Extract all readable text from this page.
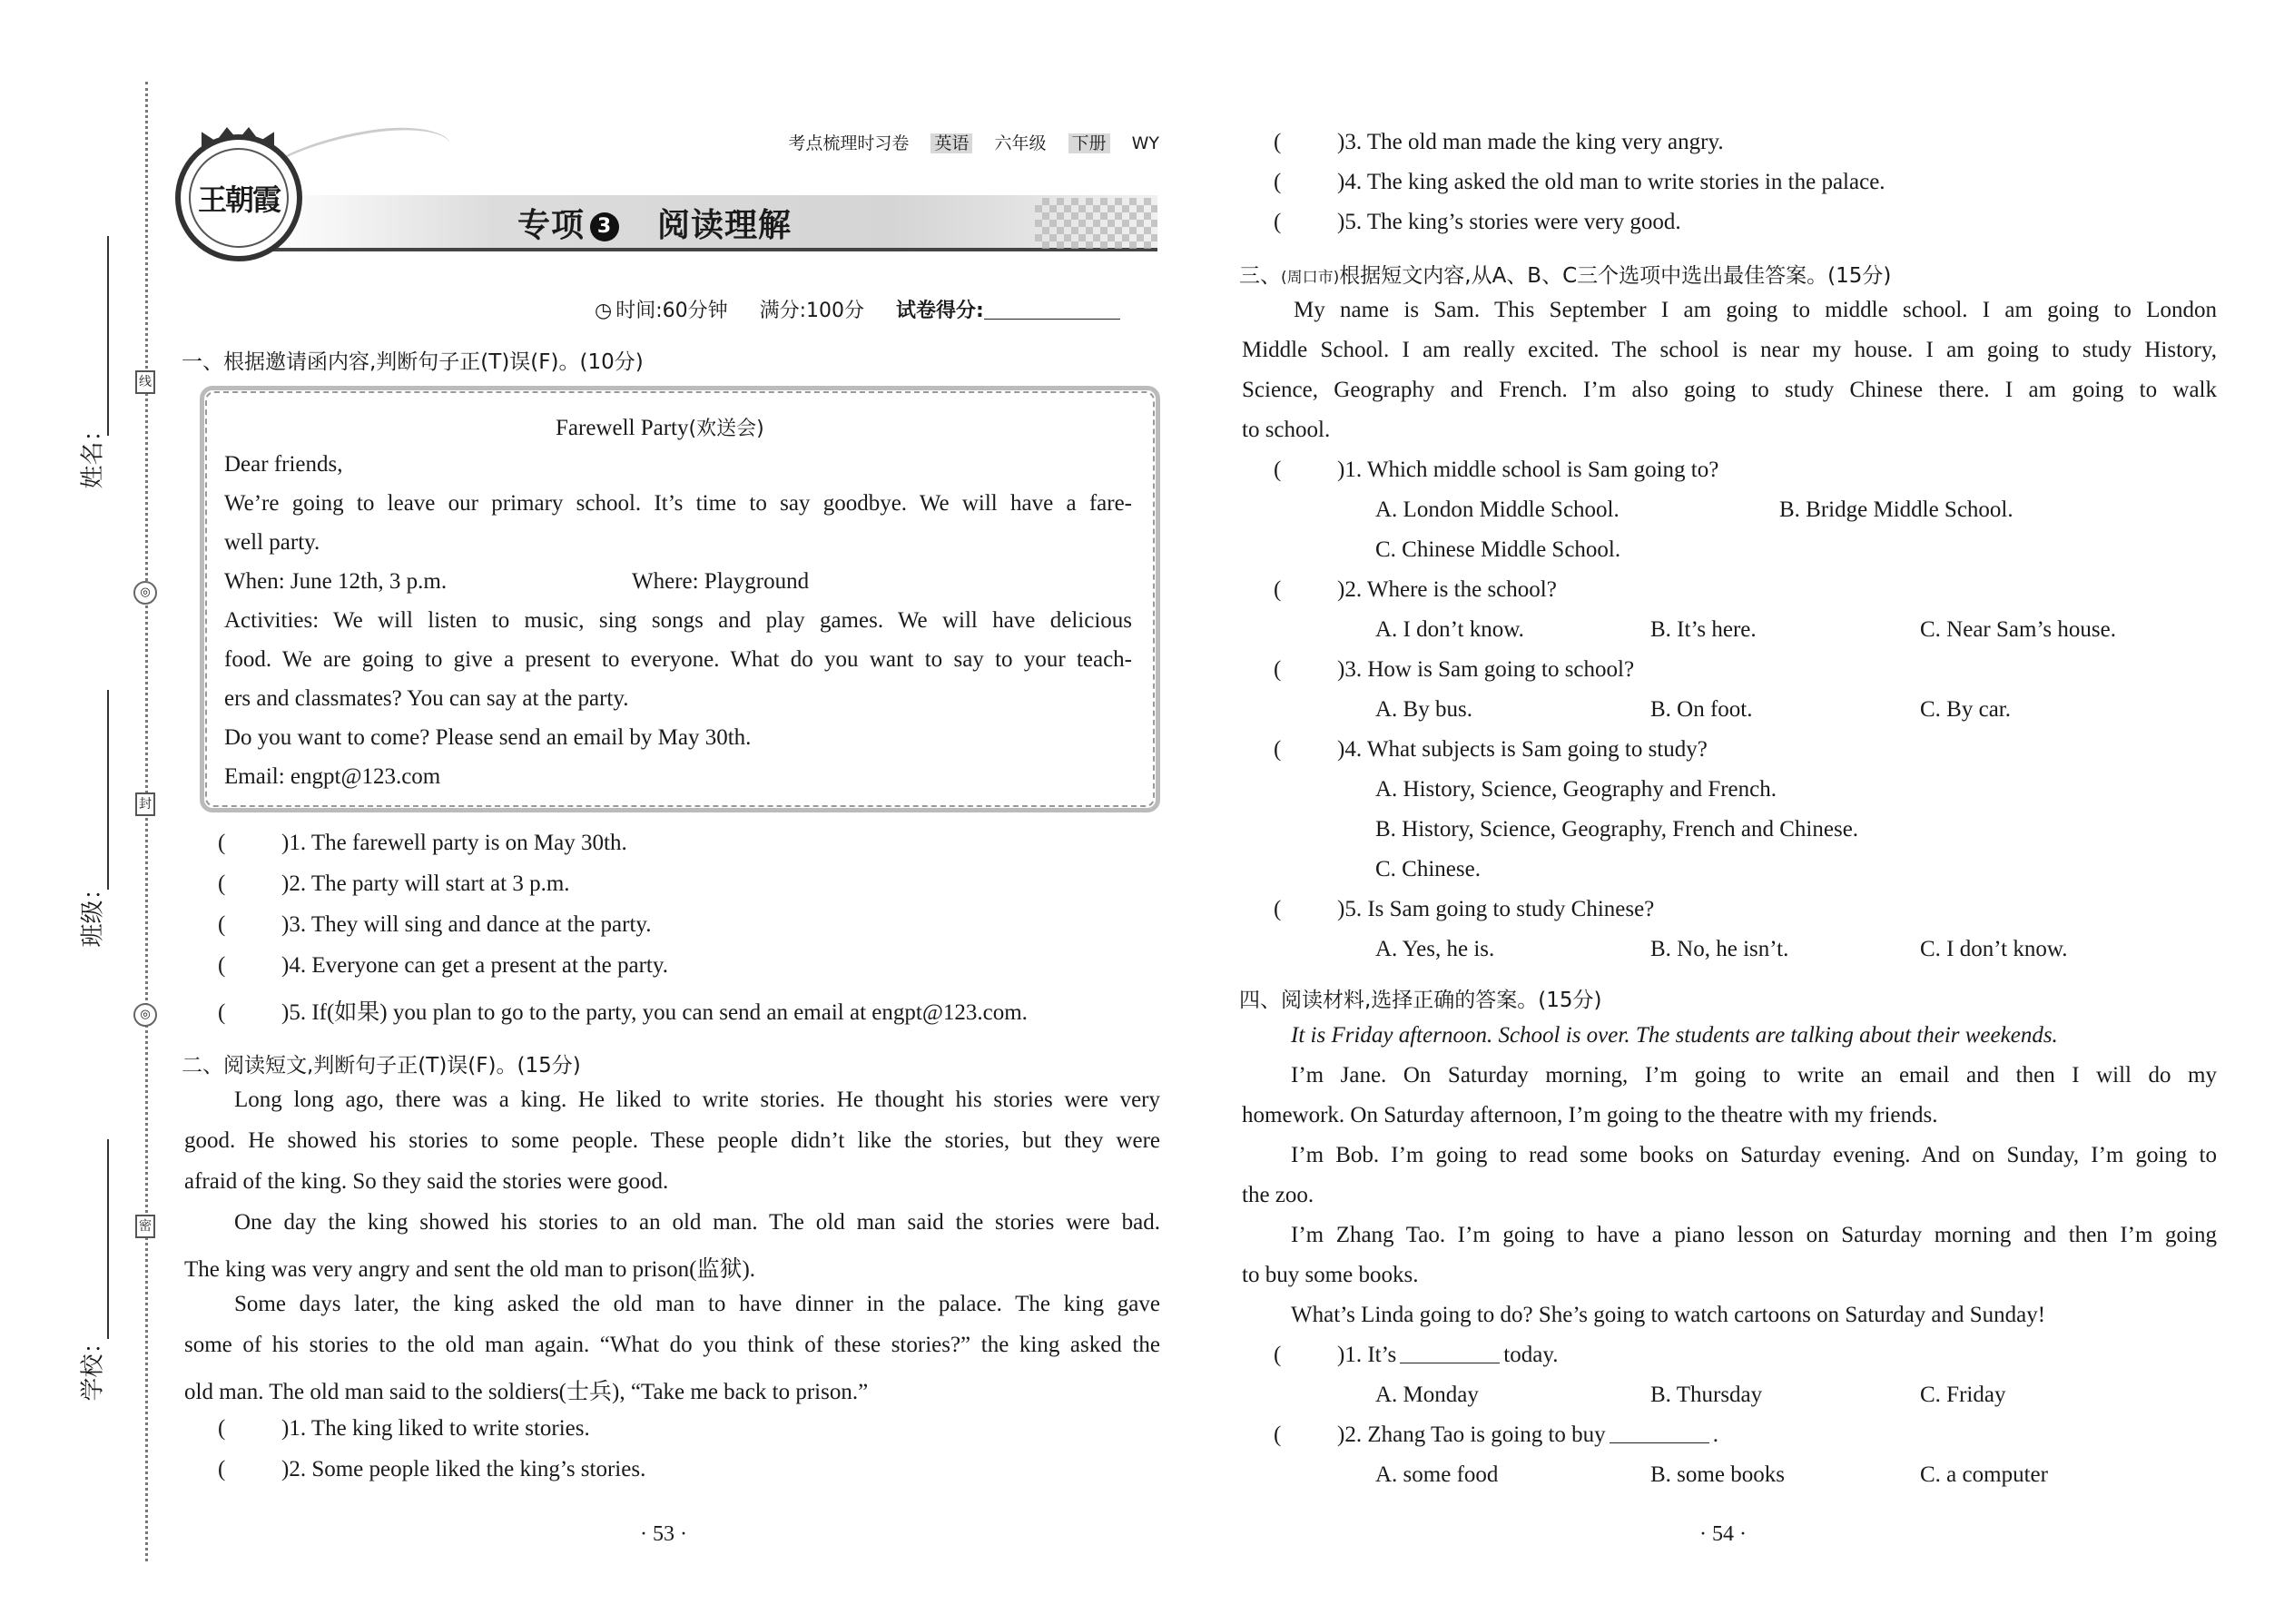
线
◎
封
◎
密
姓名：
班级：
学校：
王朝霞
考点梳理时习卷 英语 六年级 下册 WY
专项 3 阅读理解
◷ 时间:60分钟 满分:100分 试卷得分:
一、根据邀请函内容,判断句子正(T)误(F)。(10分)
Farewell Party(欢送会)
Dear friends,
We’re going to leave our primary school. It’s time to say goodbye. We will have a fare-
well party.
When: June 12th, 3 p.m.	Where: Playground
Activities: We will listen to music, sing songs and play games. We will have delicious
food. We are going to give a present to everyone. What do you want to say to your teach-
ers and classmates? You can say at the party.
Do you want to come? Please send an email by May 30th.
Email: engpt@123.com
( )1. The farewell party is on May 30th.
( )2. The party will start at 3 p.m.
( )3. They will sing and dance at the party.
( )4. Everyone can get a present at the party.
( )5. If(如果) you plan to go to the party, you can send an email at engpt@123.com.
二、阅读短文,判断句子正(T)误(F)。(15分)
Long long ago, there was a king. He liked to write stories. He thought his stories were very
good. He showed his stories to some people. These people didn’t like the stories, but they were
afraid of the king. So they said the stories were good.
One day the king showed his stories to an old man. The old man said the stories were bad.
The king was very angry and sent the old man to prison(监狱).
Some days later, the king asked the old man to have dinner in the palace. The king gave
some of his stories to the old man again. “What do you think of these stories?” the king asked the
old man. The old man said to the soldiers(士兵), “Take me back to prison.”
( )1. The king liked to write stories.
( )2. Some people liked the king’s stories.
· 53 ·
( )3. The old man made the king very angry.
( )4. The king asked the old man to write stories in the palace.
( )5. The king’s stories were very good.
三、(周口市)根据短文内容,从A、B、C三个选项中选出最佳答案。(15分)
My name is Sam. This September I am going to middle school. I am going to London
Middle School. I am really excited. The school is near my house. I am going to study History,
Science, Geography and French. I’m also going to study Chinese there. I am going to walk
to school.
( )1. Which middle school is Sam going to?
A. London Middle School.	B. Bridge Middle School.
C. Chinese Middle School.
( )2. Where is the school?
A. I don’t know.	B. It’s here.	C. Near Sam’s house.
( )3. How is Sam going to school?
A. By bus.	B. On foot.	C. By car.
( )4. What subjects is Sam going to study?
A. History, Science, Geography and French.
B. History, Science, Geography, French and Chinese.
C. Chinese.
( )5. Is Sam going to study Chinese?
A. Yes, he is.	B. No, he isn’t.	C. I don’t know.
四、阅读材料,选择正确的答案。(15分)
It is Friday afternoon. School is over. The students are talking about their weekends.
I’m Jane. On Saturday morning, I’m going to write an email and then I will do my
homework. On Saturday afternoon, I’m going to the theatre with my friends.
I’m Bob. I’m going to read some books on Saturday evening. And on Sunday, I’m going to
the zoo.
I’m Zhang Tao. I’m going to have a piano lesson on Saturday morning and then I’m going
to buy some books.
What’s Linda going to do? She’s going to watch cartoons on Saturday and Sunday!
( )1. It’s	today.
A. Monday	B. Thursday	C. Friday
( )2. Zhang Tao is going to buy	.
A. some food	B. some books	C. a computer
· 54 ·
